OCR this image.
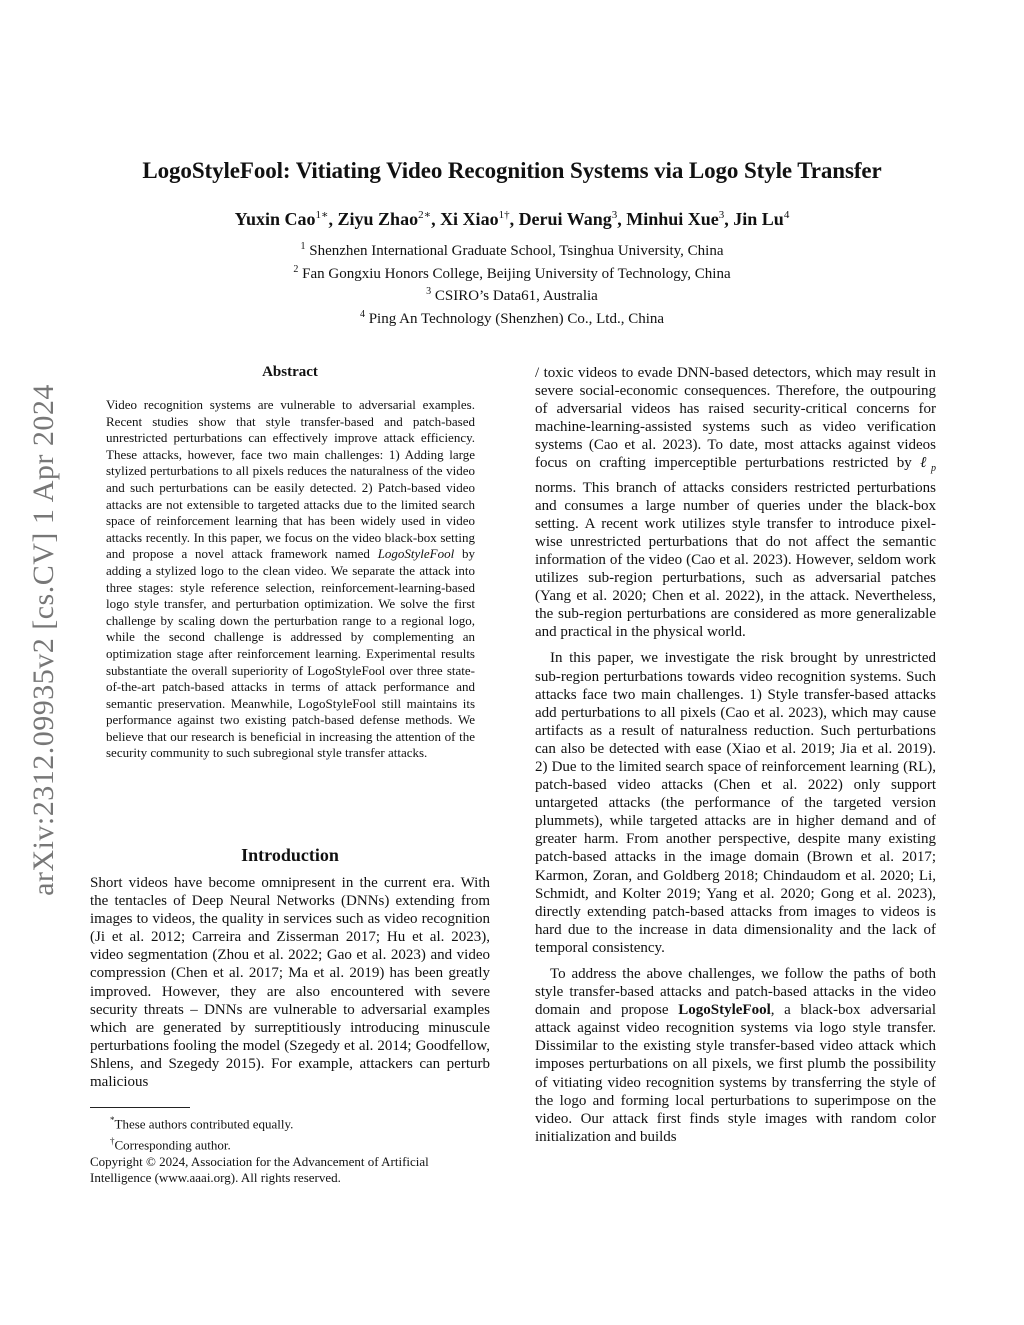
LogoStyleFool: Vitiating Video Recognition Systems via Logo Style Transfer
Yuxin Cao$^{1∗}$, Ziyu Zhao$^{2∗}$, Xi Xiao$^{1\dagger}$, Derui Wang$^3$, Minhui Xue$^3$, Jin Lu$^4$
$^1$ Shenzhen International Graduate School, Tsinghua University, China
$^2$ Fan Gongxiu Honors College, Beijing University of Technology, China
$^3$ CSIRO’s Data61, Australia
$^4$ Ping An Technology (Shenzhen) Co., Ltd., China
arXiv:2312.09935v2 [cs.CV] 1 Apr 2024
Abstract
Video recognition systems are vulnerable to adversarial examples. Recent studies show that style transfer-based and patch-based unrestricted perturbations can effectively improve attack efficiency. These attacks, however, face two main challenges: 1) Adding large stylized perturbations to all pixels reduces the naturalness of the video and such perturbations can be easily detected. 2) Patch-based video attacks are not extensible to targeted attacks due to the limited search space of reinforcement learning that has been widely used in video attacks recently. In this paper, we focus on the video black-box setting and propose a novel attack framework named LogoStyleFool by adding a stylized logo to the clean video. We separate the attack into three stages: style reference selection, reinforcement-learning-based logo style transfer, and perturbation optimization. We solve the first challenge by scaling down the perturbation range to a regional logo, while the second challenge is addressed by complementing an optimization stage after reinforcement learning. Experimental results substantiate the overall superiority of LogoStyleFool over three state-of-the-art patch-based attacks in terms of attack performance and semantic preservation. Meanwhile, LogoStyleFool still maintains its performance against two existing patch-based defense methods. We believe that our research is beneficial in increasing the attention of the security community to such subregional style transfer attacks.
Introduction

Short videos have become omnipresent in the current era. With the tentacles of Deep Neural Networks (DNNs) extending from images to videos, the quality in services such as video recognition (Ji et al. 2012; Carreira and Zisserman 2017; Hu et al. 2023), video segmentation (Zhou et al. 2022; Gao et al. 2023) and video compression (Chen et al. 2017; Ma et al. 2019) has been greatly improved. However, they are also encountered with severe security threats – DNNs are vulnerable to adversarial examples which are generated by surreptitiously introducing minuscule perturbations fooling the model (Szegedy et al. 2014; Goodfellow, Shlens, and Szegedy 2015). For example, attackers can perturb malicious

*These authors contributed equally.
†Corresponding author.
Copyright © 2024, Association for the Advancement of Artificial Intelligence (www.aaai.org). All rights reserved.

/ toxic videos to evade DNN-based detectors, which may result in severe social-economic consequences. Therefore, the outpouring of adversarial videos has raised security-critical concerns for machine-learning-assisted systems such as video verification systems (Cao et al. 2023). To date, most attacks against videos focus on crafting imperceptible perturbations restricted by ℓ$_p$ norms. This branch of attacks considers restricted perturbations and consumes a large number of queries under the black-box setting. A recent work utilizes style transfer to introduce pixel-wise unrestricted perturbations that do not affect the semantic information of the video (Cao et al. 2023). However, seldom work utilizes sub-region perturbations, such as adversarial patches (Yang et al. 2020; Chen et al. 2022), in the attack. Nevertheless, the sub-region perturbations are considered as more generalizable and practical in the physical world.

In this paper, we investigate the risk brought by unrestricted sub-region perturbations towards video recognition systems. Such attacks face two main challenges. 1) Style transfer-based attacks add perturbations to all pixels (Cao et al. 2023), which may cause artifacts as a result of naturalness reduction. Such perturbations can also be detected with ease (Xiao et al. 2019; Jia et al. 2019). 2) Due to the limited search space of reinforcement learning (RL), patch-based video attacks (Chen et al. 2022) only support untargeted attacks (the performance of the targeted version plummets), while targeted attacks are in higher demand and of greater harm. From another perspective, despite many existing patch-based attacks in the image domain (Brown et al. 2017; Karmon, Zoran, and Goldberg 2018; Chindaudom et al. 2020; Li, Schmidt, and Kolter 2019; Yang et al. 2020; Gong et al. 2023), directly extending patch-based attacks from images to videos is hard due to the increase in data dimensionality and the lack of temporal consistency.

To address the above challenges, we follow the paths of both style transfer-based attacks and patch-based attacks in the video domain and propose LogoStyleFool, a black-box adversarial attack against video recognition systems via logo style transfer. Dissimilar to the existing style transfer-based video attack which imposes perturbations on all pixels, we first plumb the possibility of vitiating video recognition systems by transferring the style of the logo and forming local perturbations to superimpose on the video. Our attack first finds style images with random color initialization and builds
